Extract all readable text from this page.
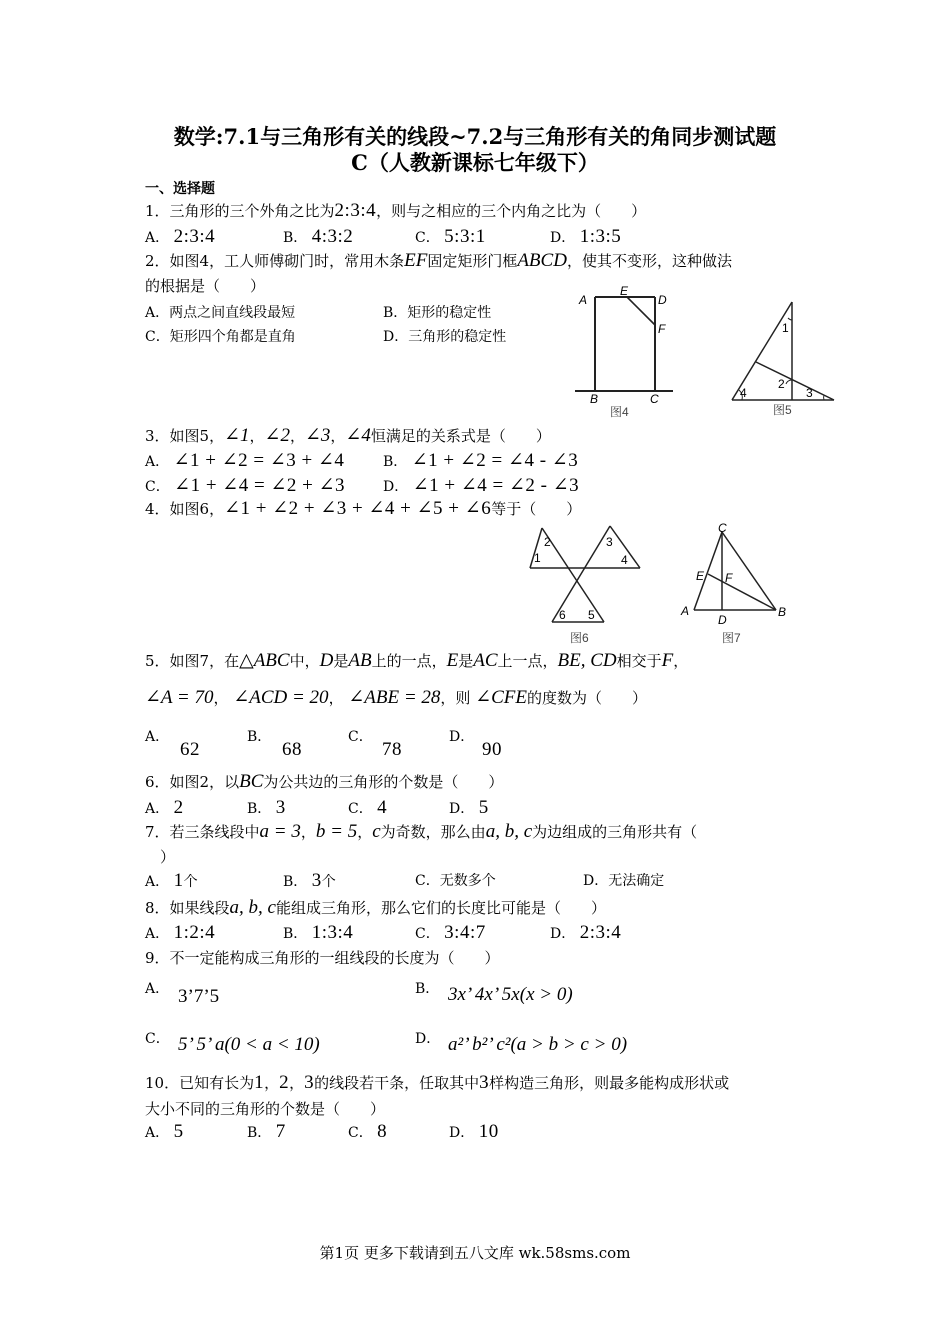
数学:7.1与三角形有关的线段~7.2与三角形有关的角同步测试题
C（人教新课标七年级下）
一、选择题
1．三角形的三个外角之比为2:3:4，则与之相应的三个内角之比为（　　）
A． 2:3:4	B． 4:3:2	C． 5:3:1	D． 1:3:5
2．如图4，工人师傅砌门时，常用木条EF固定矩形门框ABCD，使其不变形，这种做法
的根据是（　　）
A．两点之间直线段最短	B．矩形的稳定性
C．矩形四个角都是直角	D．三角形的稳定性
A
E
D
F
B	C
图4
1
2
3
4
图5
3．如图5，∠1，∠2，∠3，∠4恒满足的关系式是（　　）
A． ∠1 + ∠2 = ∠3 + ∠4	B． ∠1 + ∠2 = ∠4 - ∠3
C． ∠1 + ∠4 = ∠2 + ∠3	D． ∠1 + ∠4 = ∠2 - ∠3
4．如图6，∠1 + ∠2 + ∠3 + ∠4 + ∠5 + ∠6等于（　　）
1
2	3
4
5
6
图6
C
E F
A
D
B
图7
5．如图7，在△ABC中，D是AB上的一点，E是AC上一点，BE, CD相交于F，
∠A = 70， ∠ACD = 20， ∠ABE = 28，则 ∠CFE的度数为（　　）
A．
62
B．
68
C．
78
D．
90
6．如图2，以BC为公共边的三角形的个数是（　　）
A． 2	B． 3	C． 4	D． 5
7．若三条线段中a = 3，b = 5，c为奇数，那么由a, b, c为边组成的三角形共有（
）
A． 1个	B． 3个	C．无数多个	D．无法确定
8．如果线段a, b, c能组成三角形，那么它们的长度比可能是（　　）
A． 1:2:4	B． 1:3:4	C． 3:4:7	D． 2:3:4
9．不一定能构成三角形的一组线段的长度为（　　）
A． 3’7’5	B． 3x’ 4x’ 5x(x > 0)
C． 5’ 5’ a(0 < a < 10)	D． a²’ b²’ c²(a > b > c > 0)
10．已知有长为1，2，3的线段若干条，任取其中3样构造三角形，则最多能构成形状或
大小不同的三角形的个数是（　　）
A． 5	B． 7	C． 8	D． 10
第1页 更多下载请到五八文库 wk.58sms.com
